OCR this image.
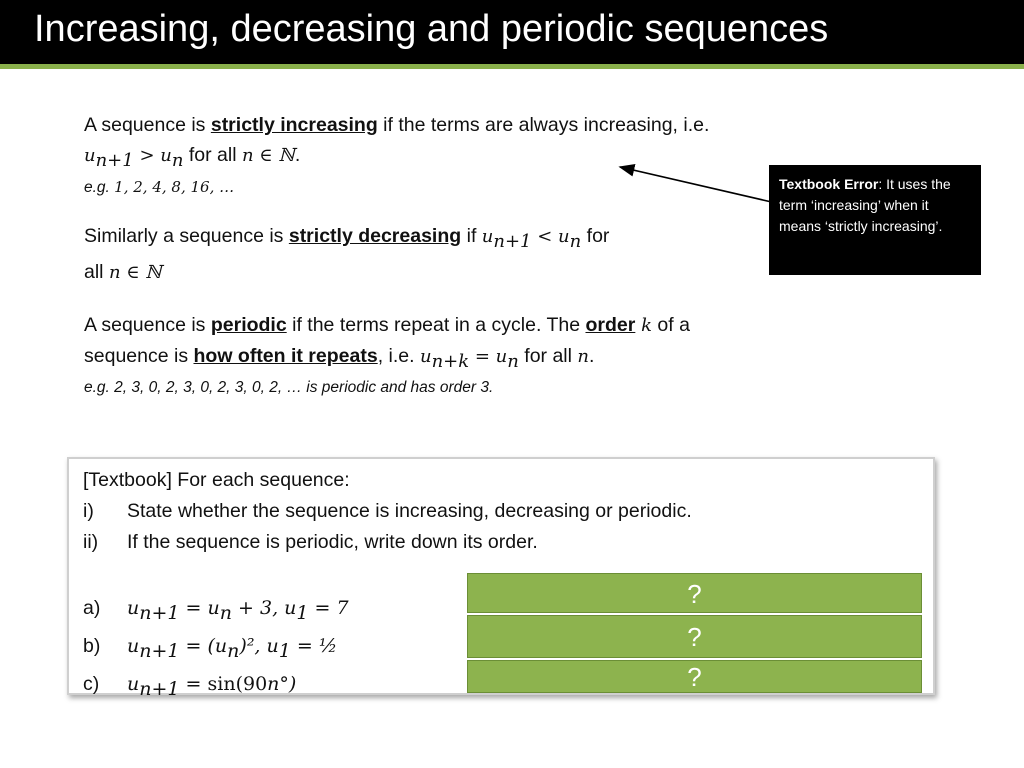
Increasing, decreasing and periodic sequences

A sequence is strictly increasing if the terms are always increasing, i.e.

$u_{n+1} > u_n$ for all n ∈ ℕ.

e.g. 1, 2, 4, 8, 16, …

Similarly a sequence is strictly decreasing if $u_{n+1} < u_n$ for

all n ∈ ℕ

A sequence is periodic if the terms repeat in a cycle. The order k of a

sequence is how often it repeats, i.e. $u_{n+k} = u_n$ for all n.

e.g. 2, 3, 0, 2, 3, 0, 2, 3, 0, 2, … is periodic and has order 3.

Textbook Error: It uses the term ‘increasing’ when it means ‘strictly increasing’.
[Textbook] For each sequence:
i) State whether the sequence is increasing, decreasing or periodic.
ii) If the sequence is periodic, write down its order.
a) $u_{n+1} = u_n + 3$, $u_1 = 7$
b) $u_{n+1} = (u_n)^2$, $u_1$ = ½
c) $u_{n+1} = \sin(90n^\circ)$
?
?
?
